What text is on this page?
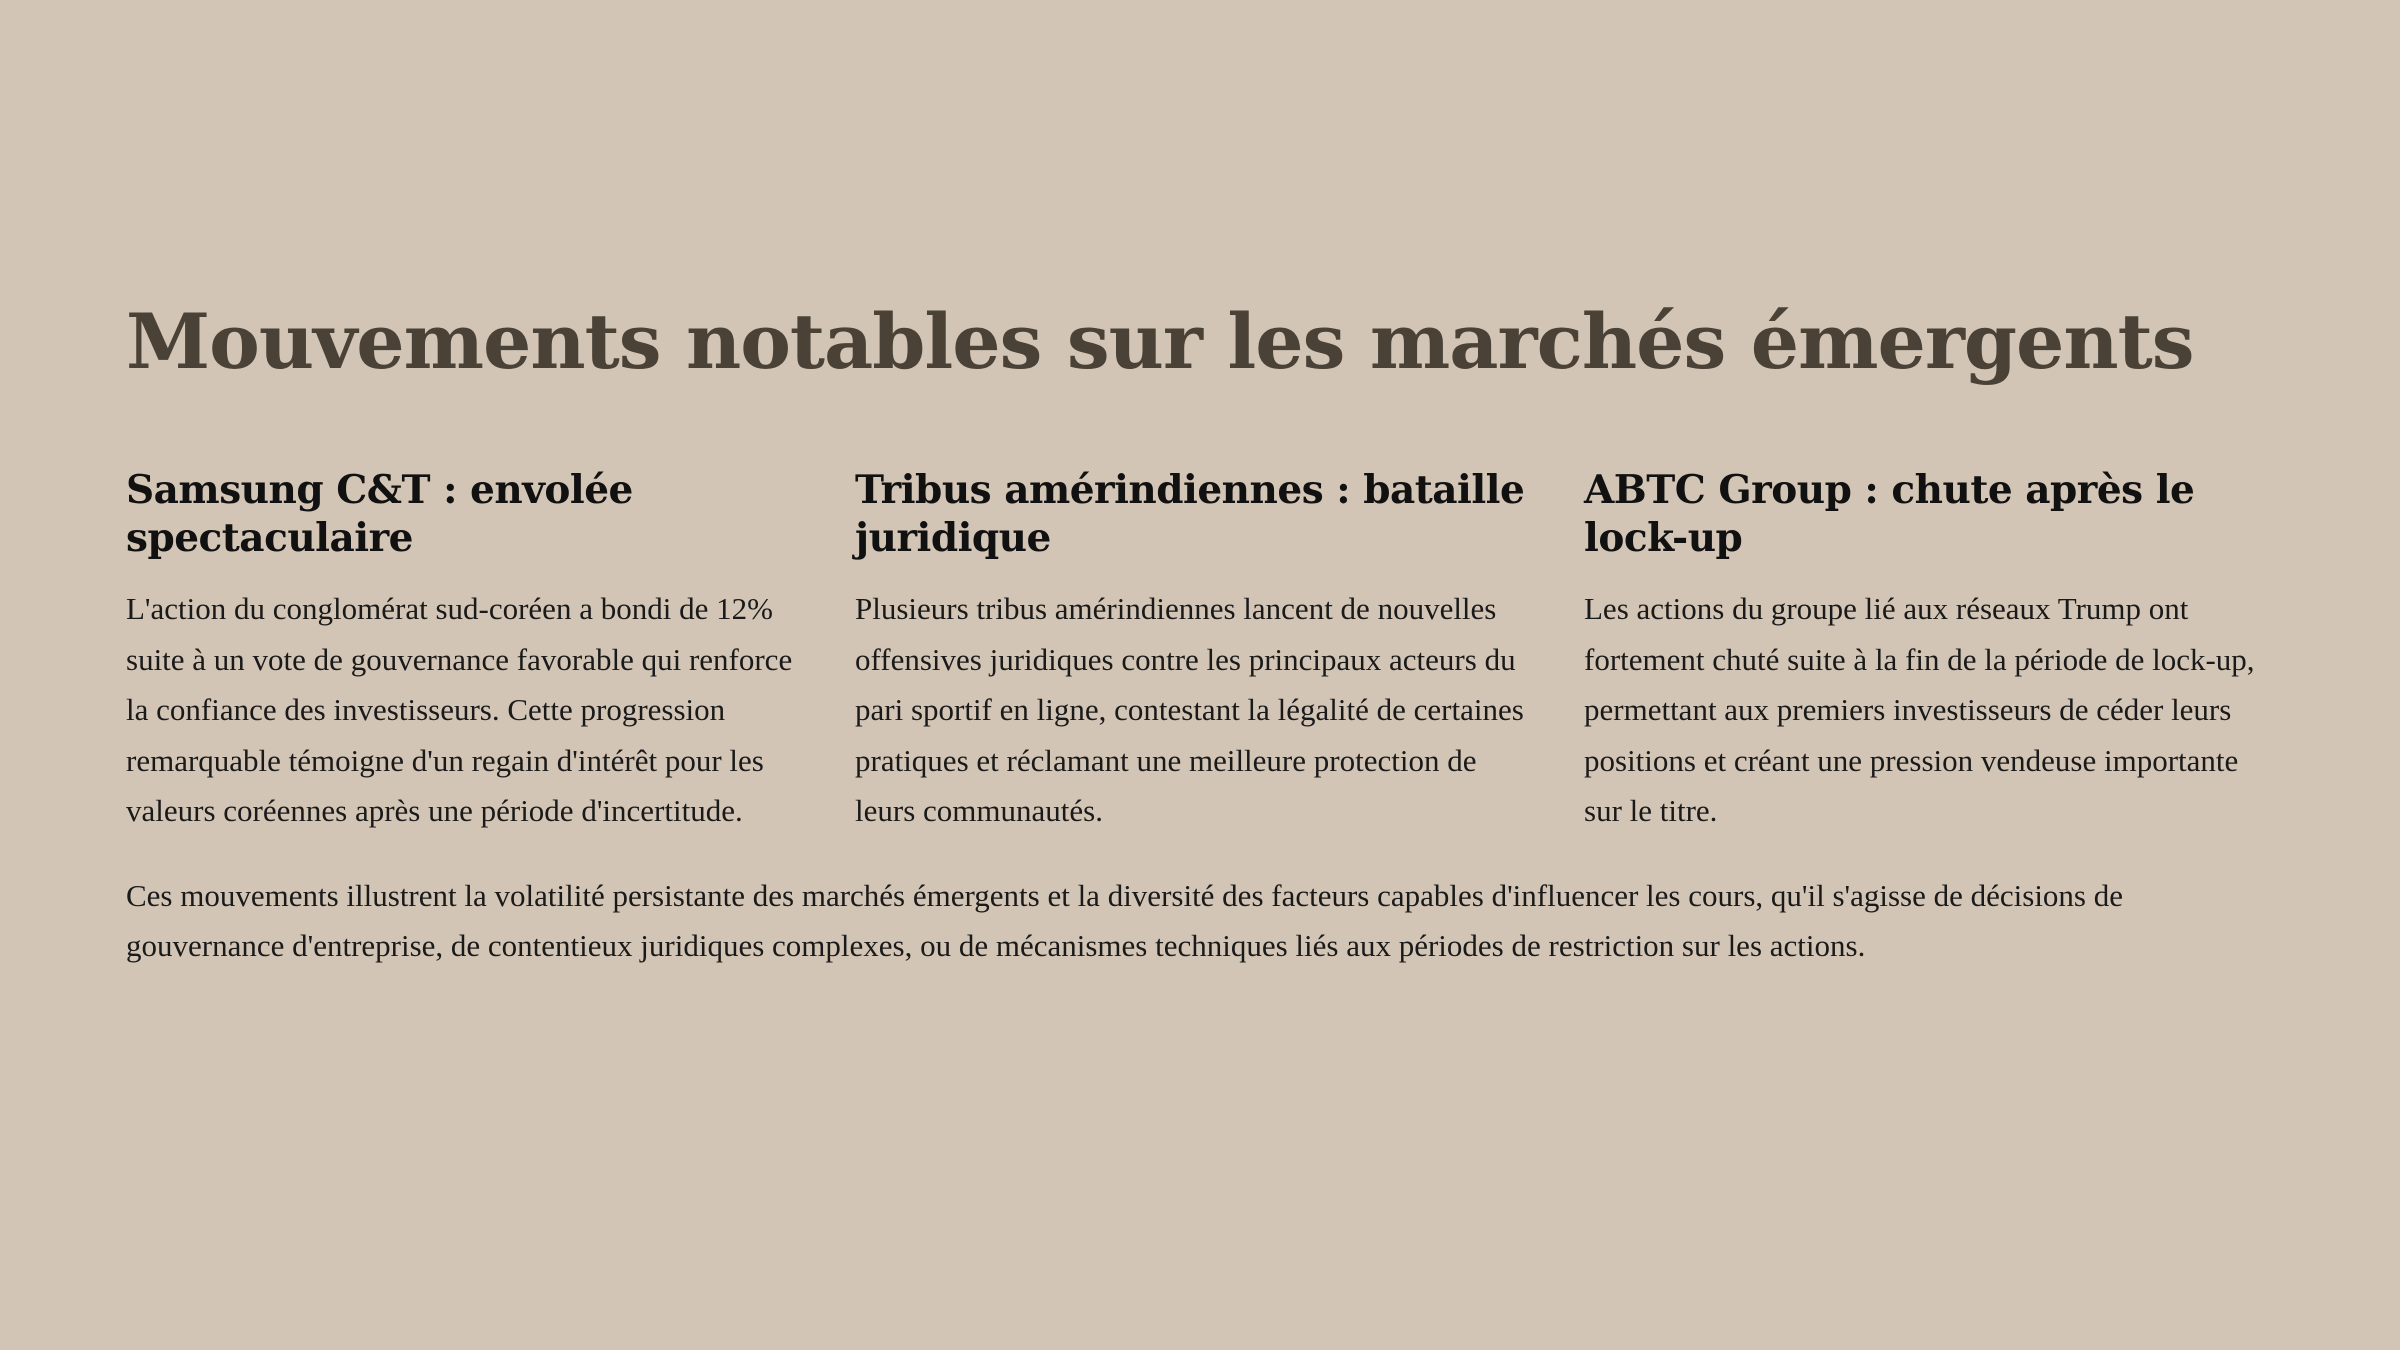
Mouvements notables sur les marchés émergents
Samsung C&T : envolée spectaculaire

L'action du conglomérat sud-coréen a bondi de 12% suite à un vote de gouvernance favorable qui renforce la confiance des investisseurs. Cette progression remarquable témoigne d'un regain d'intérêt pour les valeurs coréennes après une période d'incertitude.

Tribus amérindiennes : bataille juridique

Plusieurs tribus amérindiennes lancent de nouvelles offensives juridiques contre les principaux acteurs du pari sportif en ligne, contestant la légalité de certaines pratiques et réclamant une meilleure protection de leurs communautés.

ABTC Group : chute après le lock-up

Les actions du groupe lié aux réseaux Trump ont fortement chuté suite à la fin de la période de lock-up, permettant aux premiers investisseurs de céder leurs positions et créant une pression vendeuse importante sur le titre.

Ces mouvements illustrent la volatilité persistante des marchés émergents et la diversité des facteurs capables d'influencer les cours, qu'il s'agisse de décisions de gouvernance d'entreprise, de contentieux juridiques complexes, ou de mécanismes techniques liés aux périodes de restriction sur les actions.
